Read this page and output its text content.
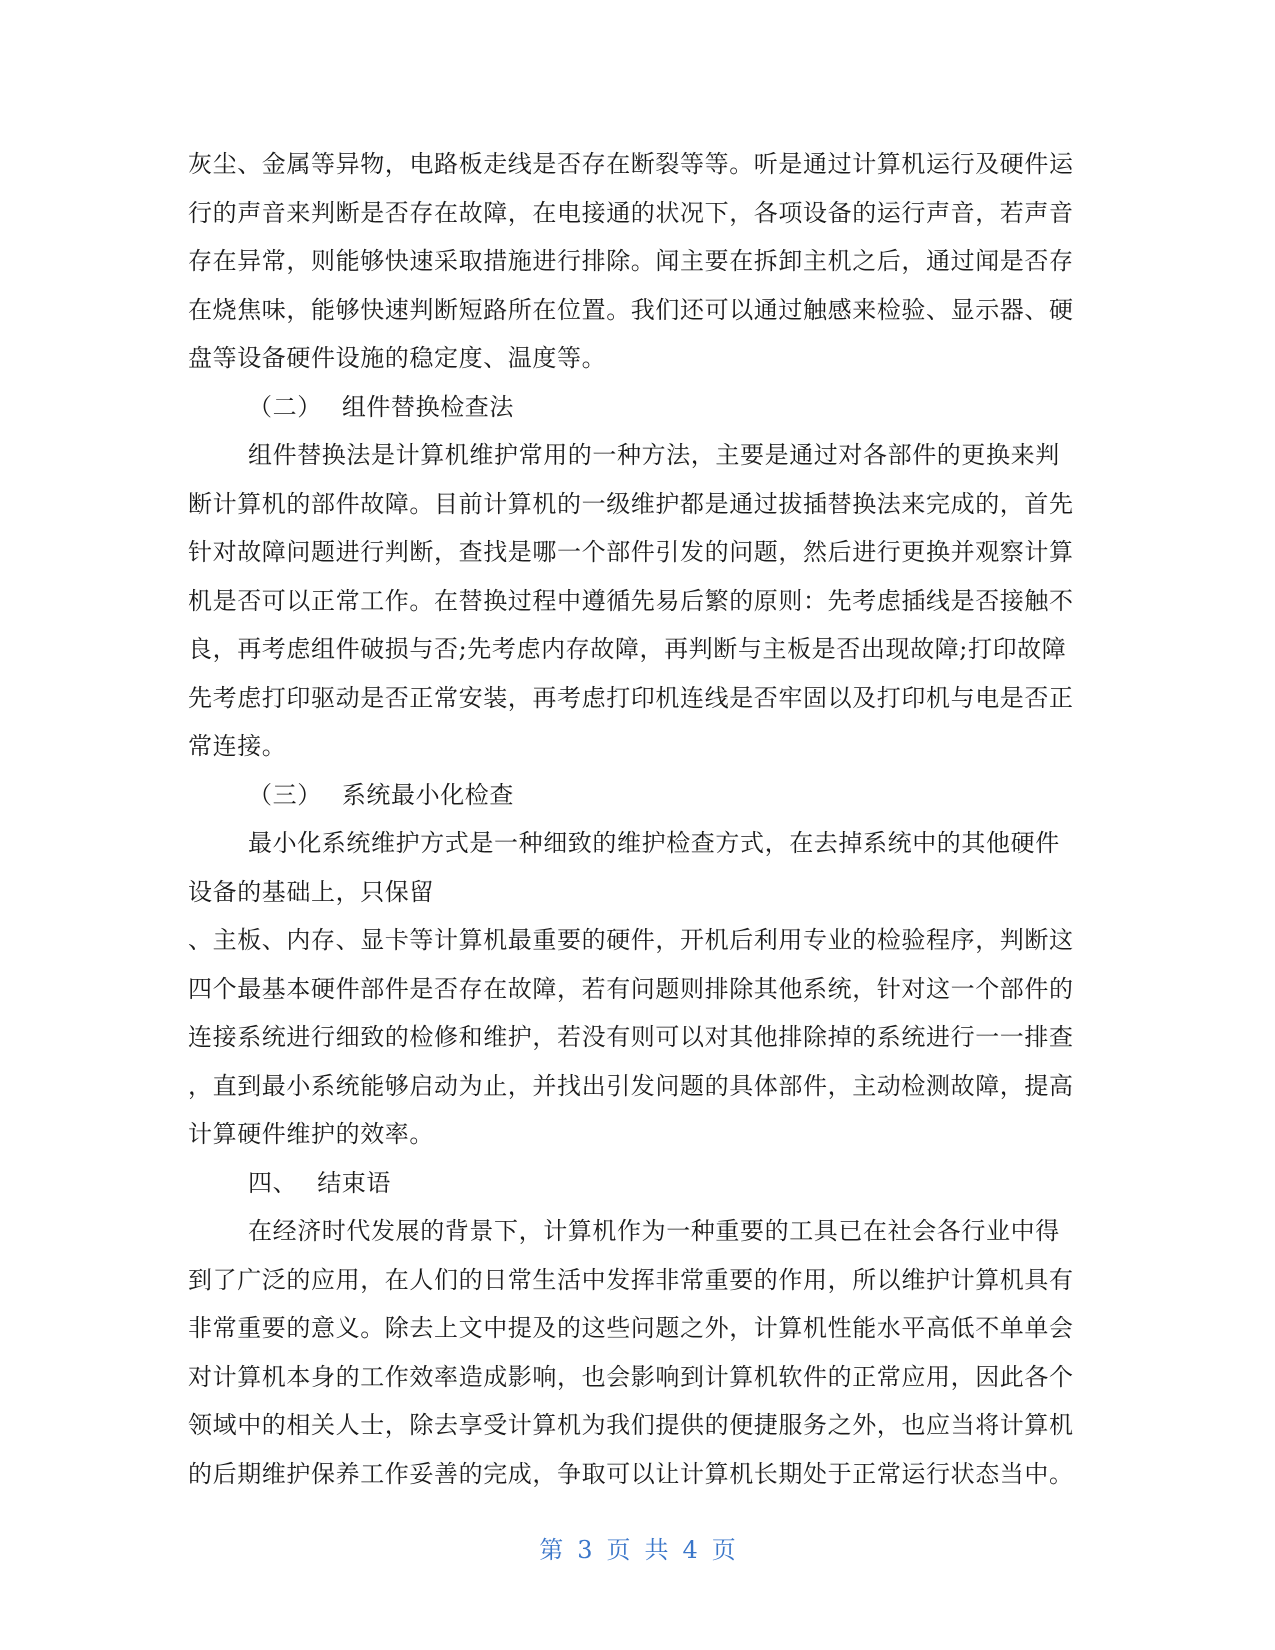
灰尘、金属等异物，电路板走线是否存在断裂等等。听是通过计算机运行及硬件运
行的声音来判断是否存在故障，在电接通的状况下，各项设备的运行声音，若声音
存在异常，则能够快速采取措施进行排除。闻主要在拆卸主机之后，通过闻是否存
在烧焦味，能够快速判断短路所在位置。我们还可以通过触感来检验、显示器、硬
盘等设备硬件设施的稳定度、温度等。
（二） 组件替换检查法
组件替换法是计算机维护常用的一种方法，主要是通过对各部件的更换来判
断计算机的部件故障。目前计算机的一级维护都是通过拔插替换法来完成的，首先
针对故障问题进行判断，查找是哪一个部件引发的问题，然后进行更换并观察计算
机是否可以正常工作。在替换过程中遵循先易后繁的原则：先考虑插线是否接触不
良，再考虑组件破损与否;先考虑内存故障，再判断与主板是否出现故障;打印故障
先考虑打印驱动是否正常安装，再考虑打印机连线是否牢固以及打印机与电是否正
常连接。
（三） 系统最小化检查
最小化系统维护方式是一种细致的维护检查方式，在去掉系统中的其他硬件
设备的基础上，只保留
、主板、内存、显卡等计算机最重要的硬件，开机后利用专业的检验程序，判断这
四个最基本硬件部件是否存在故障，若有问题则排除其他系统，针对这一个部件的
连接系统进行细致的检修和维护，若没有则可以对其他排除掉的系统进行一一排查
，直到最小系统能够启动为止，并找出引发问题的具体部件，主动检测故障，提高
计算硬件维护的效率。
四、 结束语
在经济时代发展的背景下，计算机作为一种重要的工具已在社会各行业中得
到了广泛的应用，在人们的日常生活中发挥非常重要的作用，所以维护计算机具有
非常重要的意义。除去上文中提及的这些问题之外，计算机性能水平高低不单单会
对计算机本身的工作效率造成影响，也会影响到计算机软件的正常应用，因此各个
领域中的相关人士，除去享受计算机为我们提供的便捷服务之外，也应当将计算机
的后期维护保养工作妥善的完成，争取可以让计算机长期处于正常运行状态当中。
第 3 页 共 4 页
